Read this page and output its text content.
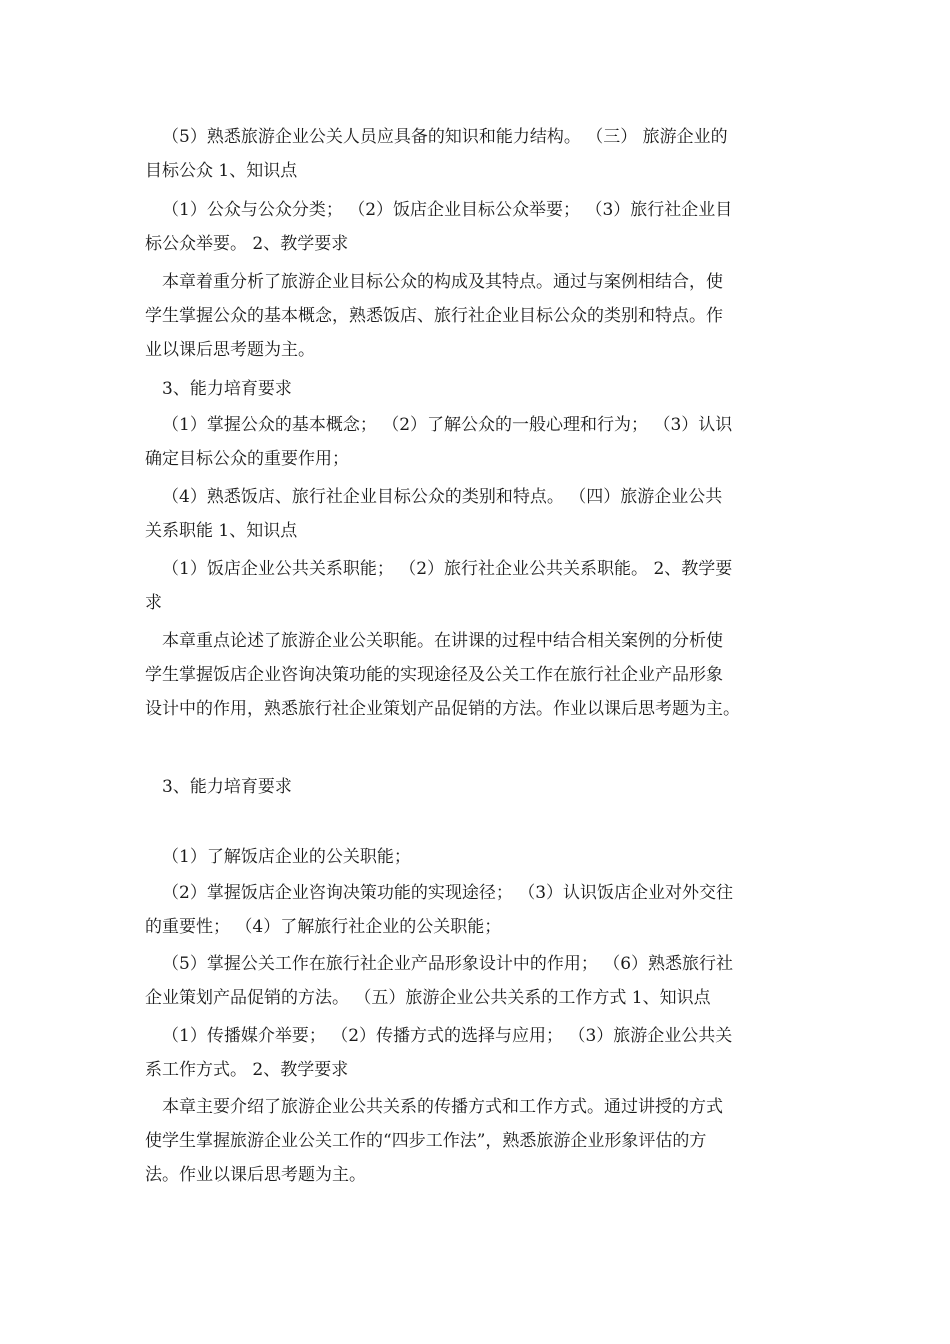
（5）熟悉旅游企业公关人员应具备的知识和能力结构。 （三） 旅游企业的
目标公众 1、知识点

（1）公众与公众分类； （2）饭店企业目标公众举要； （3）旅行社企业目
标公众举要。 2、教学要求

本章着重分析了旅游企业目标公众的构成及其特点。通过与案例相结合，使
学生掌握公众的基本概念，熟悉饭店、旅行社企业目标公众的类别和特点。作
业以课后思考题为主。

3、能力培育要求

（1）掌握公众的基本概念； （2）了解公众的一般心理和行为； （3）认识
确定目标公众的重要作用；

（4）熟悉饭店、旅行社企业目标公众的类别和特点。 （四）旅游企业公共
关系职能 1、知识点

（1）饭店企业公共关系职能； （2）旅行社企业公共关系职能。 2、教学要
求

本章重点论述了旅游企业公关职能。在讲课的过程中结合相关案例的分析使
学生掌握饭店企业咨询决策功能的实现途径及公关工作在旅行社企业产品形象
设计中的作用，熟悉旅行社企业策划产品促销的方法。作业以课后思考题为主。

3、能力培育要求

（1）了解饭店企业的公关职能；

（2）掌握饭店企业咨询决策功能的实现途径； （3）认识饭店企业对外交往
的重要性； （4）了解旅行社企业的公关职能；

（5）掌握公关工作在旅行社企业产品形象设计中的作用； （6）熟悉旅行社
企业策划产品促销的方法。 （五）旅游企业公共关系的工作方式 1、知识点

（1）传播媒介举要； （2）传播方式的选择与应用； （3）旅游企业公共关
系工作方式。 2、教学要求

本章主要介绍了旅游企业公共关系的传播方式和工作方式。通过讲授的方式
使学生掌握旅游企业公关工作的“四步工作法”，熟悉旅游企业形象评估的方
法。作业以课后思考题为主。
